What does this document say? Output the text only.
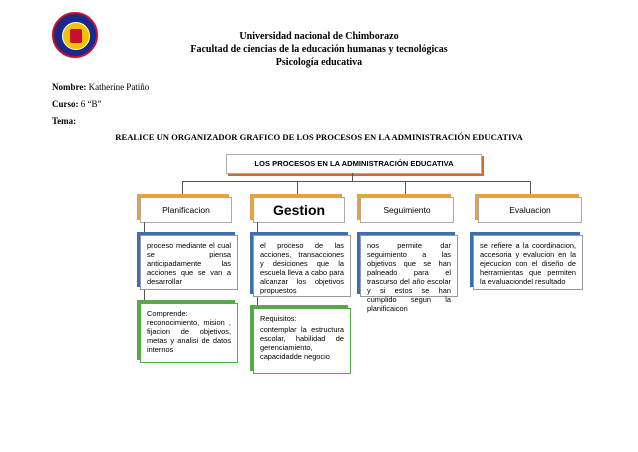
Universidad nacional de Chimborazo
Facultad de ciencias de la educación humanas y tecnológicas
Psicología educativa
Nombre: Katherine Patiño
Curso: 6 “B”
Tema:
REALICE UN ORGANIZADOR GRAFICO DE LOS PROCESOS EN LA ADMINISTRACIÓN EDUCATIVA
LOS PROCESOS EN LA ADMINISTRACIÓN EDUCATIVA
Planificacion	Gestion	Seguimiento	Evaluacion
proceso mediante el cual se piensa anticipadamente las acciones que se van a desarrollar
el proceso de las acciones, transacciones y desiciones que la escuela lleva a cabo para alcanzar los objetivos propuestos
nos permite dar seguimiento a las objetivos que se han palneado para el trascurso del año escolar y si estos se han cumplido segun la planificaicon
se refiere a la coordinacion, accesoria y evalucion en la ejecucion con el diseño de herramientas que permiten la evaluaciondel resultado
Comprende: reconocimiento, mision , fijacion de objetivos, metas y analisi de datos internos
Requisitos:
contemplar la estructura escolar, habilidad de gerenciamiento, capacidadde negocio
